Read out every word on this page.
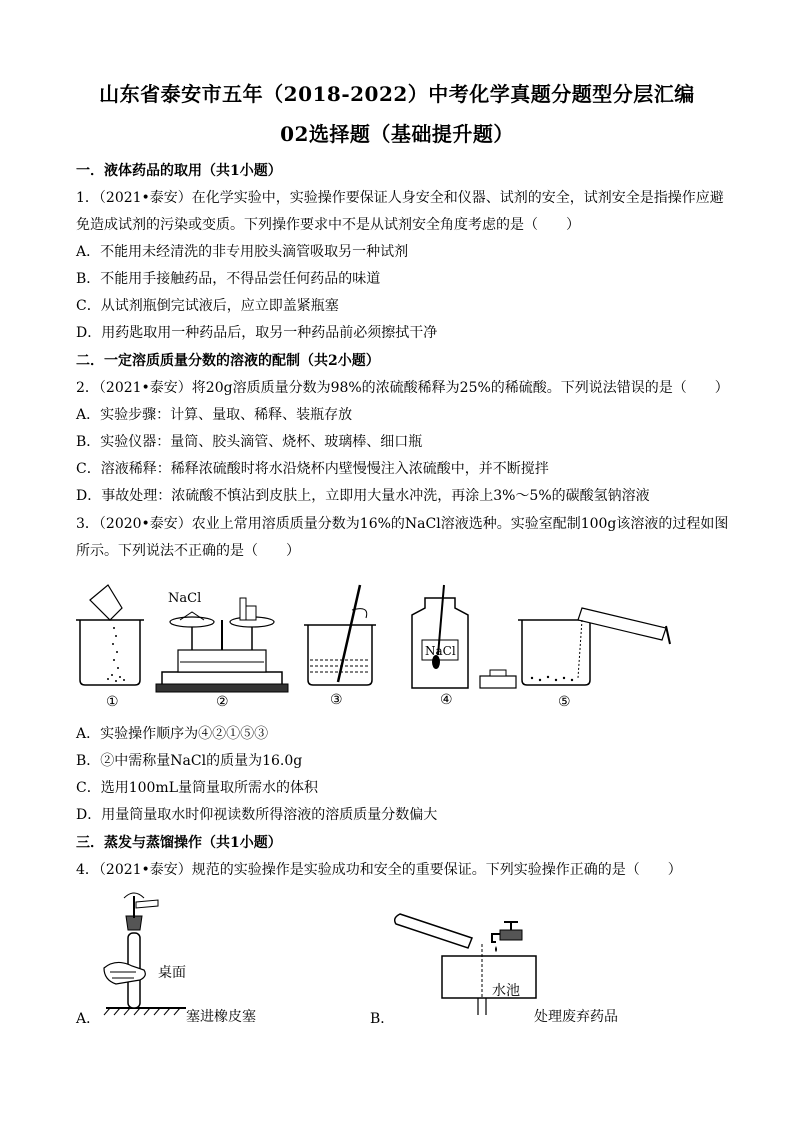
山东省泰安市五年（2018-2022）中考化学真题分题型分层汇编
02选择题（基础提升题）
一．液体药品的取用（共1小题）
1．（2021•泰安）在化学实验中，实验操作要保证人身安全和仪器、试剂的安全，试剂安全是指操作应避
免造成试剂的污染或变质。下列操作要求中不是从试剂安全角度考虑的是（　　）
A．不能用未经清洗的非专用胶头滴管吸取另一种试剂
B．不能用手接触药品，不得品尝任何药品的味道
C．从试剂瓶倒完试液后，应立即盖紧瓶塞
D．用药匙取用一种药品后，取另一种药品前必须擦拭干净
二．一定溶质质量分数的溶液的配制（共2小题）
2．（2021•泰安）将20g溶质质量分数为98%的浓硫酸稀释为25%的稀硫酸。下列说法错误的是（　　）
A．实验步骤：计算、量取、稀释、装瓶存放
B．实验仪器：量筒、胶头滴管、烧杯、玻璃棒、细口瓶
C．溶液稀释：稀释浓硫酸时将水沿烧杯内壁慢慢注入浓硫酸中，并不断搅拌
D．事故处理：浓硫酸不慎沾到皮肤上，立即用大量水冲洗，再涂上3%～5%的碳酸氢钠溶液
3．（2020•泰安）农业上常用溶质质量分数为16%的NaCl溶液选种。实验室配制100g该溶液的过程如图
所示。下列说法不正确的是（　　）
NaCl
NaCl
①	②	③	④	⑤
A．实验操作顺序为④②①⑤③
B．②中需称量NaCl的质量为16.0g
C．选用100mL量筒量取所需水的体积
D．用量筒量取水时仰视读数所得溶液的溶质质量分数偏大
三．蒸发与蒸馏操作（共1小题）
4．（2021•泰安）规范的实验操作是实验成功和安全的重要保证。下列实验操作正确的是（　　）
桌面
A．	塞进橡皮塞
水池
B．	处理废弃药品
